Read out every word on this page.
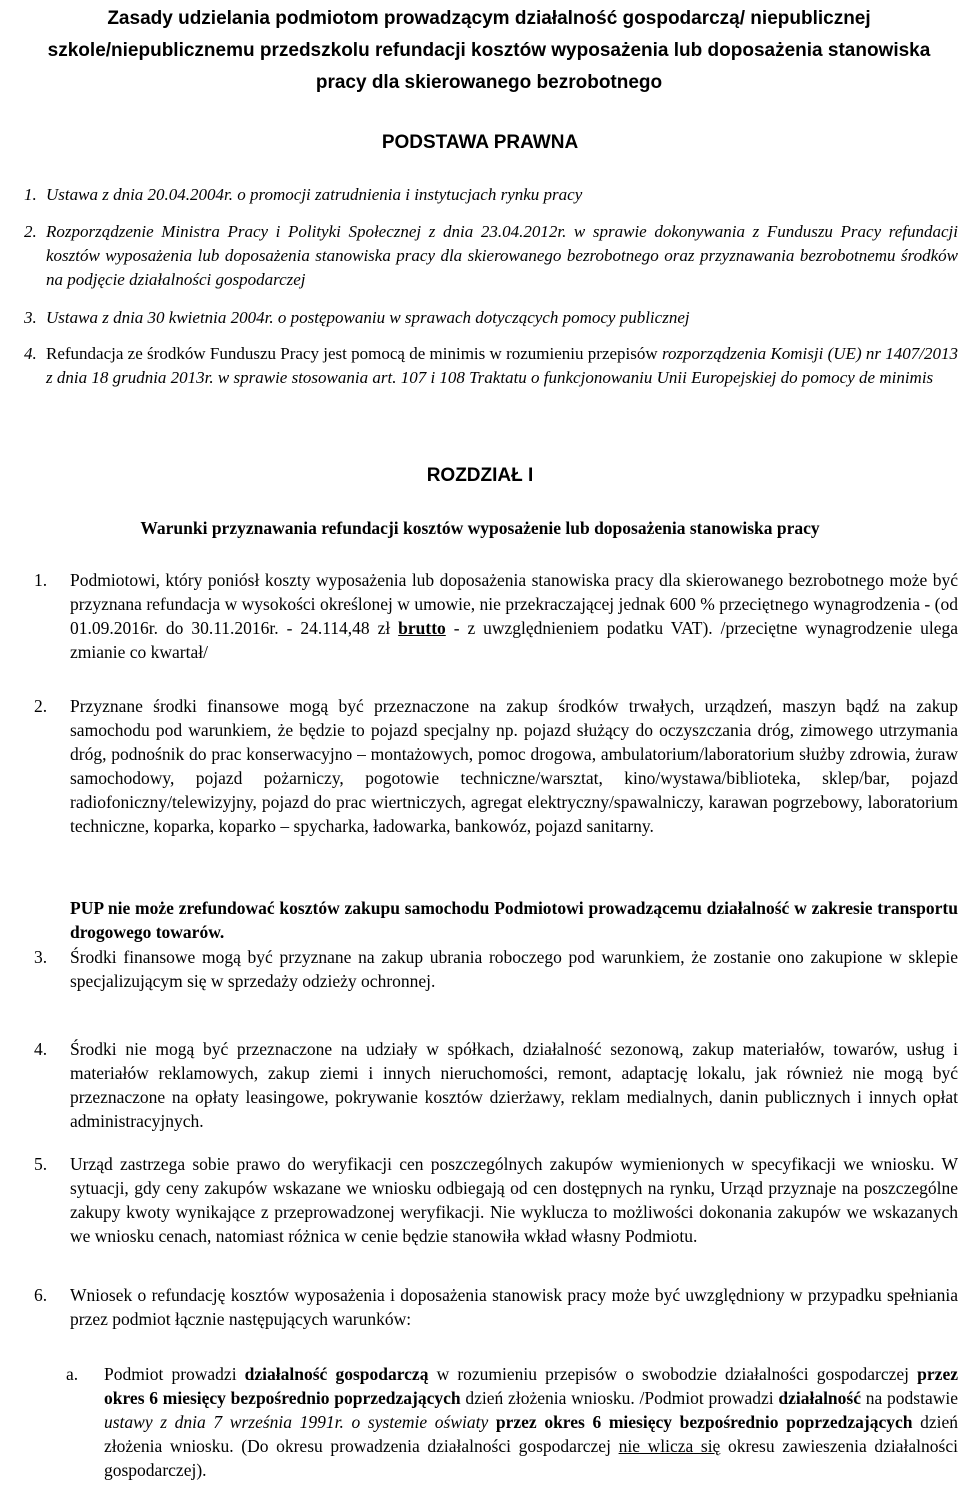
Zasady udzielania podmiotom prowadzącym działalność gospodarczą/ niepublicznej szkole/niepublicznemu przedszkolu refundacji kosztów wyposażenia lub doposażenia stanowiska pracy dla skierowanego bezrobotnego

PODSTAWA PRAWNA

1. Ustawa z dnia 20.04.2004r. o promocji zatrudnienia i instytucjach rynku pracy
2. Rozporządzenie Ministra Pracy i Polityki Społecznej z dnia 23.04.2012r. w sprawie dokonywania z Funduszu Pracy refundacji kosztów wyposażenia lub doposażenia stanowiska pracy dla skierowanego bezrobotnego oraz przyznawania bezrobotnemu środków na podjęcie działalności gospodarczej
3. Ustawa z dnia 30 kwietnia 2004r. o postępowaniu w sprawach dotyczących pomocy publicznej
4. Refundacja ze środków Funduszu Pracy jest pomocą de minimis w rozumieniu przepisów rozporządzenia Komisji (UE) nr 1407/2013 z dnia 18 grudnia 2013r. w sprawie stosowania art. 107 i 108 Traktatu o funkcjonowaniu Unii Europejskiej do pomocy de minimis

ROZDZIAŁ I

Warunki przyznawania refundacji kosztów wyposażenie lub doposażenia stanowiska pracy

1.	Podmiotowi, który poniósł koszty wyposażenia lub doposażenia stanowiska pracy dla skierowanego bezrobotnego może być przyznana refundacja w wysokości określonej w umowie, nie przekraczającej jednak 600 % przeciętnego wynagrodzenia - (od 01.09.2016r. do 30.11.2016r. - 24.114,48 zł brutto - z uwzględnieniem podatku VAT). /przeciętne wynagrodzenie ulega zmianie co kwartał/
2.	Przyznane środki finansowe mogą być przeznaczone na zakup środków trwałych, urządzeń, maszyn bądź na zakup samochodu pod warunkiem, że będzie to pojazd specjalny np. pojazd służący do oczyszczania dróg, zimowego utrzymania dróg, podnośnik do prac konserwacyjno – montażowych, pomoc drogowa, ambulatorium/laboratorium służby zdrowia, żuraw samochodowy, pojazd pożarniczy, pogotowie techniczne/warsztat, kino/wystawa/biblioteka, sklep/bar, pojazd radiofoniczny/telewizyjny, pojazd do prac wiertniczych, agregat elektryczny/spawalniczy, karawan pogrzebowy, laboratorium techniczne, koparka, koparko – spycharka, ładowarka, bankowóz, pojazd sanitarny.
PUP nie może zrefundować kosztów zakupu samochodu Podmiotowi prowadzącemu działalność w zakresie transportu drogowego towarów.
3.	Środki finansowe mogą być przyznane na zakup ubrania roboczego pod warunkiem, że zostanie ono zakupione w sklepie specjalizującym się w sprzedaży odzieży ochronnej.
4.	Środki nie mogą być przeznaczone na udziały w spółkach, działalność sezonową, zakup materiałów, towarów, usług i materiałów reklamowych, zakup ziemi i innych nieruchomości, remont, adaptację lokalu, jak również nie mogą być przeznaczone na opłaty leasingowe, pokrywanie kosztów dzierżawy, reklam medialnych, danin publicznych i innych opłat administracyjnych.
5.	Urząd zastrzega sobie prawo do weryfikacji cen poszczególnych zakupów wymienionych w specyfikacji we wniosku. W sytuacji, gdy ceny zakupów wskazane we wniosku odbiegają od cen dostępnych na rynku, Urząd przyznaje na poszczególne zakupy kwoty wynikające z przeprowadzonej weryfikacji. Nie wyklucza to możliwości dokonania zakupów we wskazanych we wniosku cenach, natomiast różnica w cenie będzie stanowiła wkład własny Podmiotu.
6.	Wniosek o refundację kosztów wyposażenia i doposażenia stanowisk pracy może być uwzględniony w przypadku spełniania przez podmiot łącznie następujących warunków:
a.	Podmiot prowadzi działalność gospodarczą w rozumieniu przepisów o swobodzie działalności gospodarczej przez okres 6 miesięcy bezpośrednio poprzedzających dzień złożenia wniosku. /Podmiot prowadzi działalność na podstawie ustawy z dnia 7 września 1991r. o systemie oświaty przez okres 6 miesięcy bezpośrednio poprzedzających dzień złożenia wniosku. (Do okresu prowadzenia działalności gospodarczej nie wlicza się okresu zawieszenia działalności gospodarczej).
